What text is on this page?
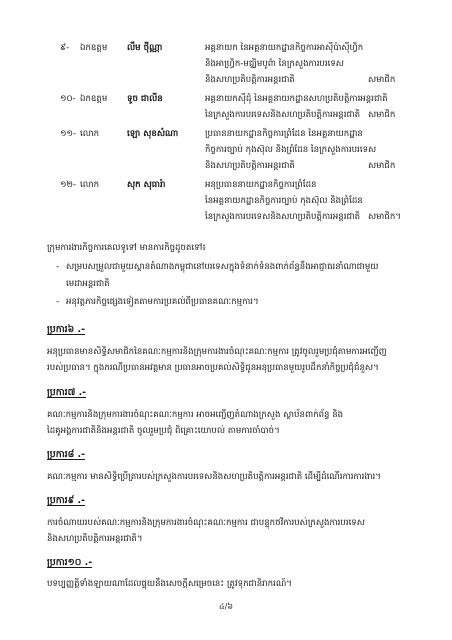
៩- ឯកឧត្ដម លឹម ថុីណ្ណា	អគ្គនាយក នៃអគ្គនាយកដ្ឋានកិច្ចការអាស៊ីប៉ាស៊ីហ្វិក
និងអាហ្វ្រិក-មជ្ឈិមបូព៌ា នៃក្រសួងការបរទេស
និងសហប្រតិបត្តិការអន្តរជាតិ	សមាជិក
១០- ឯកឧត្ដម ទូច ជាលីន	អគ្គនាយកស៊ីដុំ នៃអគ្គនាយកដ្ឋានសហប្រតិបត្តិការអន្តរជាតិ
នៃក្រសួងការបរទេសនិងសហប្រតិបត្តិការអន្តរជាតិ សមាជិក
១១- លោក	ឡោ សុខសំណា	ប្រធាននាយកដ្ឋានកិច្ចការព្រំដែន នៃអគ្គនាយកដ្ឋាន
កិច្ចការច្បាប់ កុងស៊ុល និងព្រំដែន នៃក្រសួងការបរទេស
និងសហប្រតិបត្តិការអន្តរជាតិ	សមាជិក
១២- លោក	សុក សុធារ៉ា	អនុប្រធាននាយកដ្ឋានកិច្ចការព្រំដែន
នៃអគ្គនាយកដ្ឋានកិច្ចការច្បាប់ កុងស៊ុល និងព្រំដែន
នៃក្រសួងការបរទេសនិងសហប្រតិបត្តិការអន្តរជាតិ សមាជិក។
ក្រុមការងារកិច្ចការគេលទូទៅ មានភារកិច្ចដូចតទៅ៖
- សម្របសម្រួលជាមួយស្ថានតំណាងកម្ពុជានៅបរទេសក្នុងទំនាក់ទំនងពាក់ព័ន្ធនឹងអាជ្ញាធរនាំណាជាមួយ
មេដាអន្តរជាតិ
- អនុវត្តភារកិច្ចផ្សេងទៀតតាមការប្រគល់ពីប្រធានគណៈកម្មការ។
ប្រការ៦ .-
អនុប្រធានមានសិទ្ធិសមាជិកនៃគណៈកម្មការនិងក្រុមការងារចំណុះគណៈកម្មការ ត្រូវចូលរួមប្រជុំតាមការអញ្ជើញ
របស់ប្រធាន។ ក្នុងករណីប្រធានអវត្តមាន ប្រធានអាចប្រគល់សិទ្ធិជូនអនុប្រធានមួយរូបដឹកនាំកិច្ចប្រជុំជំនួស។
ប្រការ៧ .-
គណៈកម្មការនិងក្រុមការងារចំណុះគណៈកម្មការ អាចអញ្ជើញតំណាងក្រសួង ស្ថាប័នពាក់ព័ន្ធ និង
ដៃគូអង្គការជាតិនិងអន្តរជាតិ ចូលរួមប្រជុំ ពិគ្រោះយោបល់ តាមការចាំបាច់។
ប្រការ៨ .-
គណៈកម្មការ មានសិទ្ធិប្រើត្រារបស់ក្រសួងការបរទេសនិងសហប្រតិបត្តិការអន្តរជាតិ ដើម្បីដំណើរការការងារ។
ប្រការ៩ .-
ការចំណាយរបស់គណៈកម្មការនិងក្រុមការងារចំណុះគណៈកម្មការ ជាបន្ទុកថវិការបស់ក្រសួងការបរទេស
និងសហប្រតិបត្តិការអន្តរជាតិ។
ប្រការ១០ .-
បទប្បញ្ញត្តិទាំងឡាយណាដែលផ្ទុយនឹងសេចក្ដីសម្រេចនេះ ត្រូវទុកជានិរាករណ៍។
៤/៦
